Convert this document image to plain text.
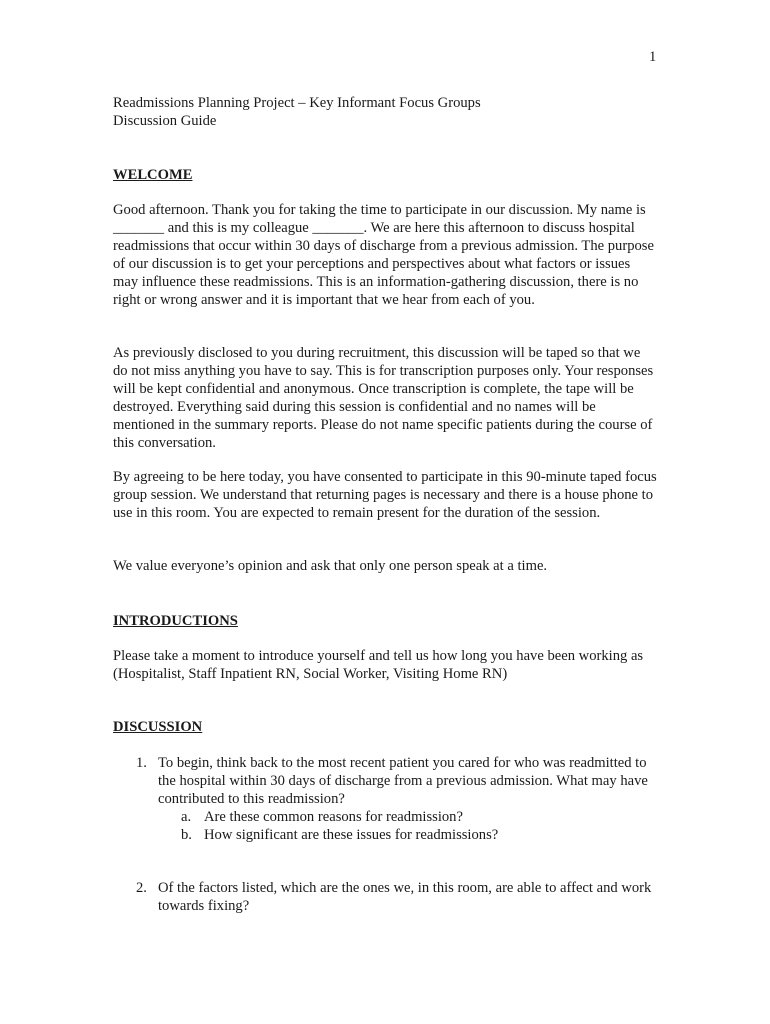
1
Readmissions Planning Project – Key Informant Focus Groups
Discussion Guide
WELCOME

Good afternoon. Thank you for taking the time to participate in our discussion. My name is _______ and this is my colleague _______. We are here this afternoon to discuss hospital readmissions that occur within 30 days of discharge from a previous admission. The purpose of our discussion is to get your perceptions and perspectives about what factors or issues may influence these readmissions. This is an information-gathering discussion, there is no right or wrong answer and it is important that we hear from each of you.

As previously disclosed to you during recruitment, this discussion will be taped so that we do not miss anything you have to say. This is for transcription purposes only. Your responses will be kept confidential and anonymous. Once transcription is complete, the tape will be destroyed. Everything said during this session is confidential and no names will be mentioned in the summary reports. Please do not name specific patients during the course of this conversation.

By agreeing to be here today, you have consented to participate in this 90-minute taped focus group session. We understand that returning pages is necessary and there is a house phone to use in this room. You are expected to remain present for the duration of the session.

We value everyone’s opinion and ask that only one person speak at a time.

INTRODUCTIONS

Please take a moment to introduce yourself and tell us how long you have been working as (Hospitalist, Staff Inpatient RN, Social Worker, Visiting Home RN)

DISCUSSION
1. To begin, think back to the most recent patient you cared for who was readmitted to the hospital within 30 days of discharge from a previous admission. What may have contributed to this readmission?
a. Are these common reasons for readmission?
b. How significant are these issues for readmissions?
2. Of the factors listed, which are the ones we, in this room, are able to affect and work towards fixing?
